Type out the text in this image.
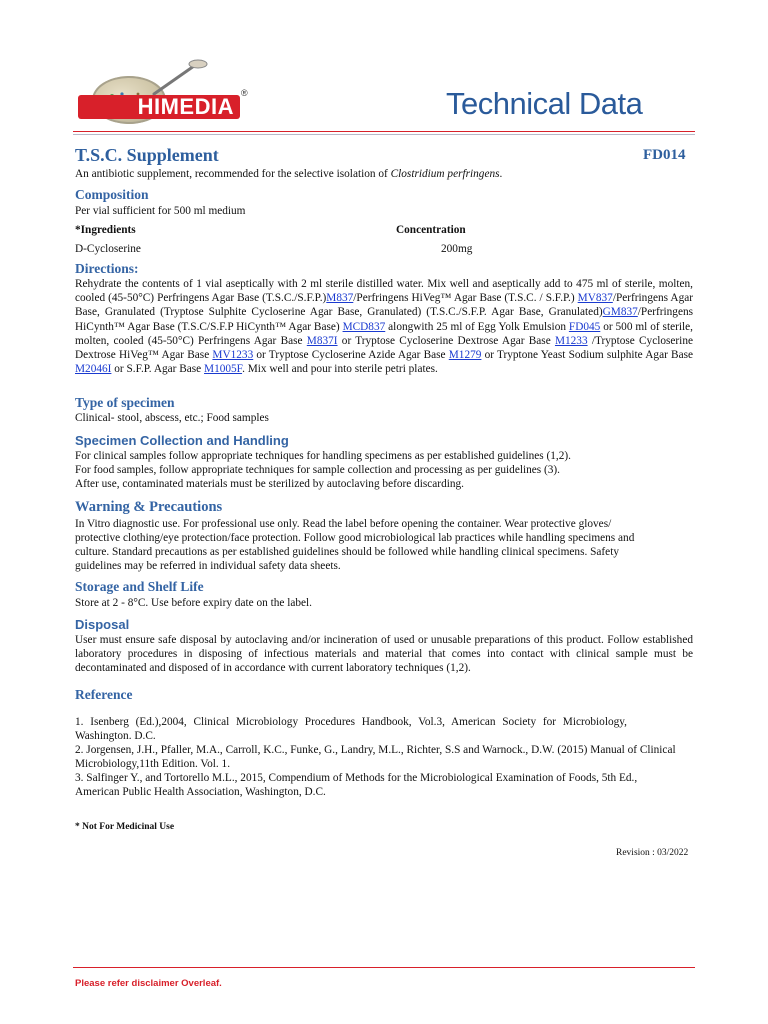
HIMEDIA
®	Technical Data
T.S.C. Supplement	FD014
An antibiotic supplement, recommended for the selective isolation of Clostridium perfringens.
Composition
Per vial sufficient for 500 ml medium
*Ingredients	Concentration
D-Cycloserine	200mg
Directions:
Rehydrate the contents of 1 vial aseptically with 2 ml sterile distilled water. Mix well and aseptically add to 475 ml of sterile, molten, cooled (45-50°C) Perfringens Agar Base (T.S.C./S.F.P.)M837/Perfringens HiVeg™ Agar Base (T.S.C. / S.F.P.) MV837/Perfringens Agar Base, Granulated (Tryptose Sulphite Cycloserine Agar Base, Granulated) (T.S.C./S.F.P. Agar Base, Granulated)GM837/Perfringens HiCynth™ Agar Base (T.S.C/S.F.P HiCynth™ Agar Base) MCD837 alongwith 25 ml of Egg Yolk Emulsion FD045 or 500 ml of sterile, molten, cooled (45-50°C) Perfringens Agar Base M837I or Tryptose Cycloserine Dextrose Agar Base M1233 /Tryptose Cycloserine Dextrose HiVeg™ Agar Base MV1233 or Tryptose Cycloserine Azide Agar Base M1279 or Tryptone Yeast Sodium sulphite Agar Base M2046I or S.F.P. Agar Base M1005F. Mix well and pour into sterile petri plates.
Type of specimen
Clinical- stool, abscess, etc.; Food samples
Specimen Collection and Handling
For clinical samples follow appropriate techniques for handling specimens as per established guidelines (1,2).
For food samples, follow appropriate techniques for sample collection and processing as per guidelines (3).
After use, contaminated materials must be sterilized by autoclaving before discarding.
Warning & Precautions
In Vitro diagnostic use. For professional use only. Read the label before opening the container. Wear protective gloves/
protective clothing/eye protection/face protection. Follow good microbiological lab practices while handling specimens and
culture. Standard precautions as per established guidelines should be followed while handling clinical specimens. Safety
guidelines may be referred in individual safety data sheets.
Storage and Shelf Life
Store at 2 - 8°C. Use before expiry date on the label.
Disposal
User must ensure safe disposal by autoclaving and/or incineration of used or unusable preparations of this product. Follow established laboratory procedures in disposing of infectious materials and material that comes into contact with clinical sample must be decontaminated and disposed of in accordance with current laboratory techniques (1,2).
Reference
1. Isenberg (Ed.),2004, Clinical Microbiology Procedures Handbook, Vol.3, American Society for Microbiology, Washington. D.C.
2. Jorgensen, J.H., Pfaller, M.A., Carroll, K.C., Funke, G., Landry, M.L., Richter, S.S and Warnock., D.W. (2015) Manual of Clinical Microbiology,11th Edition. Vol. 1.
3. Salfinger Y., and Tortorello M.L., 2015, Compendium of Methods for the Microbiological Examination of Foods, 5th Ed., American Public Health Association, Washington, D.C.
* Not For Medicinal Use
Revision : 03/2022
Please refer disclaimer Overleaf.
